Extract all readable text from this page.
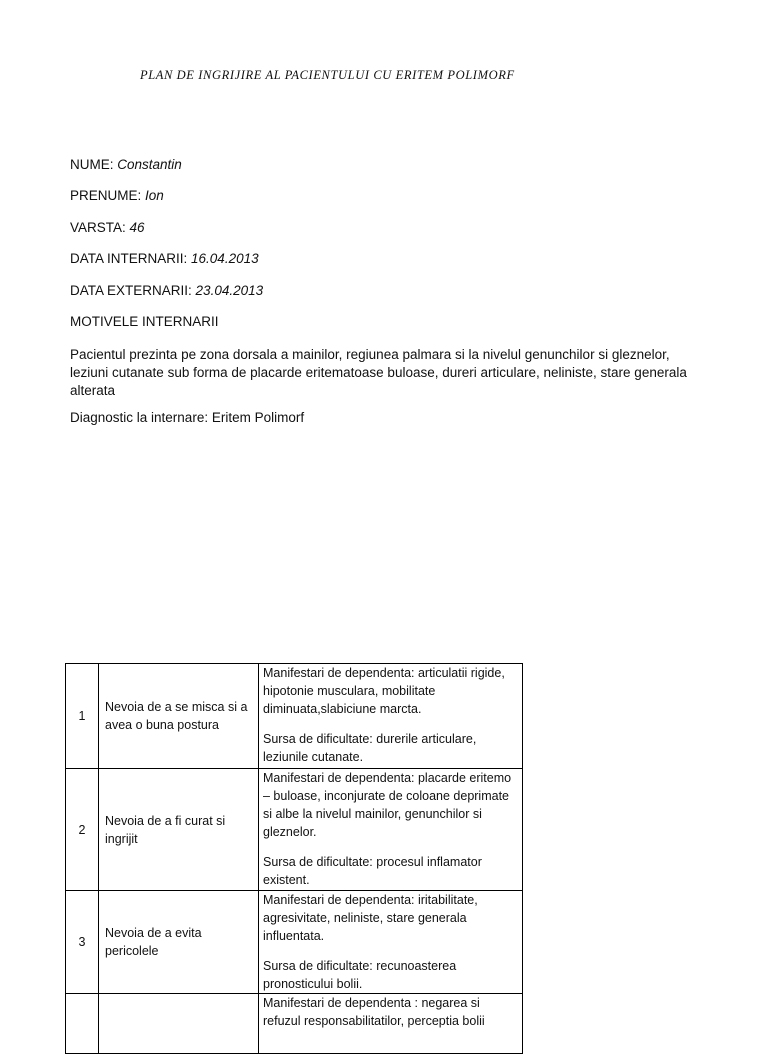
PLAN DE INGRIJIRE AL PACIENTULUI CU ERITEM POLIMORF
NUME: Constantin
PRENUME: Ion
VARSTA: 46
DATA INTERNARII: 16.04.2013
DATA EXTERNARII: 23.04.2013
MOTIVELE INTERNARII
Pacientul prezinta pe zona dorsala a mainilor, regiunea palmara si la nivelul genunchilor si gleznelor, leziuni cutanate sub forma de placarde eritematoase buloase, dureri articulare, neliniste, stare generala alterata
Diagnostic la internare: Eritem Polimorf
1	Nevoia de a se misca si a avea o buna postura	Manifestari de dependenta: articulatii rigide, hipotonie musculara, mobilitate diminuata,slabiciune marcta.

Sursa de dificultate: durerile articulare, leziunile cutanate.

2	Nevoia de a fi curat si ingrijit	Manifestari de dependenta: placarde eritemo – buloase, inconjurate de coloane deprimate si albe la nivelul mainilor, genunchilor si gleznelor.

Sursa de dificultate: procesul inflamator existent.

3	Nevoia de a evita pericolele	Manifestari de dependenta: iritabilitate, agresivitate, neliniste, stare generala influentata.

Sursa de dificultate: recunoasterea pronosticului bolii.

		Manifestari de dependenta : negarea si refuzul responsabilitatilor, perceptia bolii
